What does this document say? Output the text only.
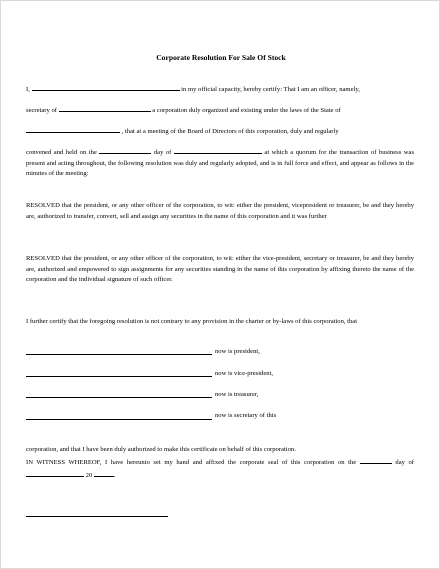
Corporate Resolution For Sale Of Stock
I,	in my official capacity, hereby certify: That I am an officer, namely,
secretary of	a corporation duly organized and existing under the laws of the State of
, that at a meeting of the Board of Directors of this corporation, duly and regularly
convened and held on the	day of	at which a quorum for the transaction of business was present and acting throughout, the following resolution was duly and regularly adopted, and is in full force and effect, and appear as follows in the minutes of the meeting:
RESOLVED that the president, or any other officer of the corporation, to wit: either the president, vicepresident or treasurer, be and they hereby are, authorized to transfer, convert, sell and assign any securities in the name of this corporation and it was further
RESOLVED that the president, or any other officer of the corporation, to wit: either the vice-president, secretary or treasurer, be and they hereby are, authorized and empowered to sign assignments for any securities standing in the name of this corporation by affixing thereto the name of the corporation and the individual signature of such officer.
I further certify that the foregoing resolution is not contrary to any provision in the charter or by-laws of this corporation, that
now is president,
now is vice-president,
now is treasurer,
now is secretary of this
corporation, and that I have been duly authorized to make this certificate on behalf of this corporation.
IN WITNESS WHEREOF, I have hereunto set my hand and affixed the corporate seal of this corporation on the	day of  20	.
